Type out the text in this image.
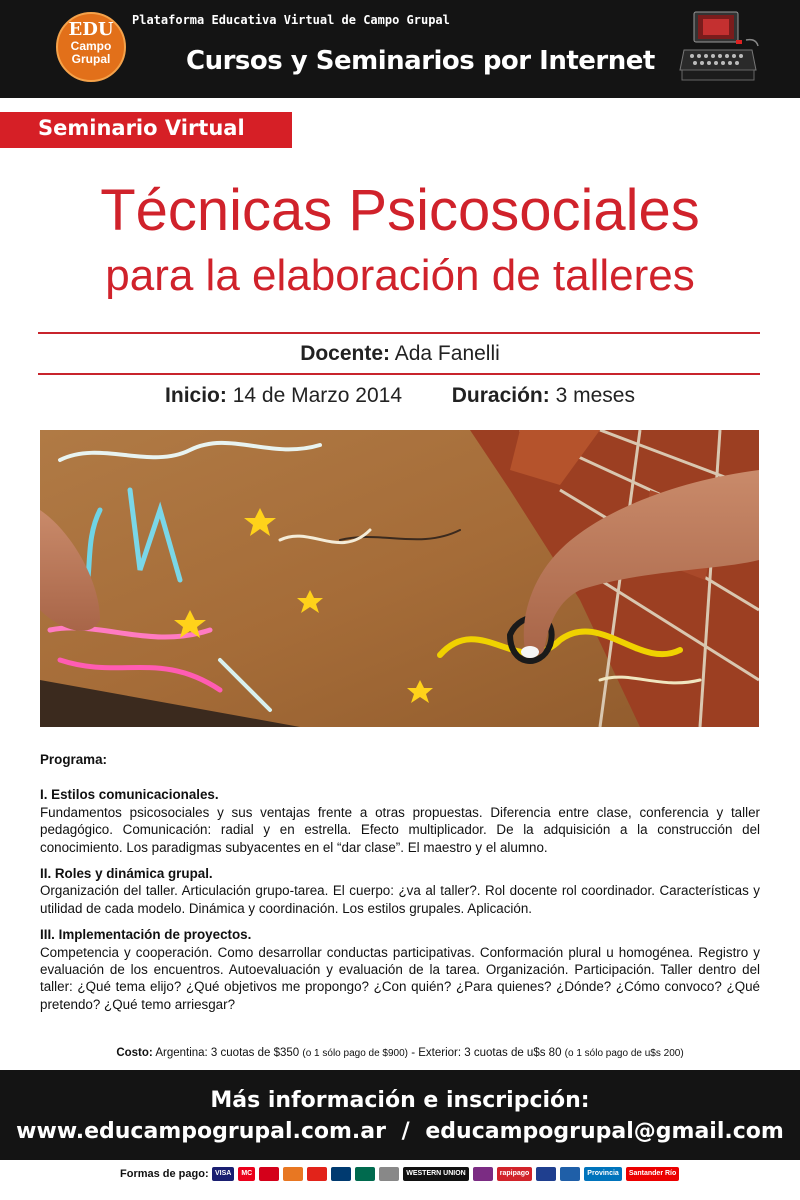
EDU
Campo Grupal
Plataforma Educativa Virtual de Campo Grupal
Cursos y Seminarios por Internet
Seminario Virtual
Técnicas Psicosociales
para la elaboración de talleres
Docente: Ada Fanelli
Inicio: 14 de Marzo 2014 Duración: 3 meses
Programa:
I. Estilos comunicacionales.
Fundamentos psicosociales y sus ventajas frente a otras propuestas. Diferencia entre clase, conferencia y taller pedagógico. Comunicación: radial y en estrella. Efecto multiplicador. De la adquisición a la construcción del conocimiento. Los paradigmas subyacentes en el “dar clase”. El maestro y el alumno.
II. Roles y dinámica grupal.
Organización del taller. Articulación grupo-tarea. El cuerpo: ¿va al taller?. Rol docente rol coordinador. Características y utilidad de cada modelo. Dinámica y coordinación. Los estilos grupales. Aplicación.
III. Implementación de proyectos.
Competencia y cooperación. Como desarrollar conductas participativas. Conformación plural u homogénea. Registro y evaluación de los encuentros. Autoevaluación y evaluación de la tarea. Organización. Participación. Taller dentro del taller: ¿Qué tema elijo? ¿Qué objetivos me propongo? ¿Con quién? ¿Para quienes? ¿Dónde? ¿Cómo convoco? ¿Qué pretendo? ¿Qué temo arriesgar?
Costo: Argentina: 3 cuotas de $350 (o 1 sólo pago de $900) - Exterior: 3 cuotas de u$s 80 (o 1 sólo pago de u$s 200)
Más información e inscripción:
www.educampogrupal.com.ar / educampogrupal@gmail.com
Formas de pago: VISA	MC	WESTERN UNION	rapipago	Provincia	Santander Río
